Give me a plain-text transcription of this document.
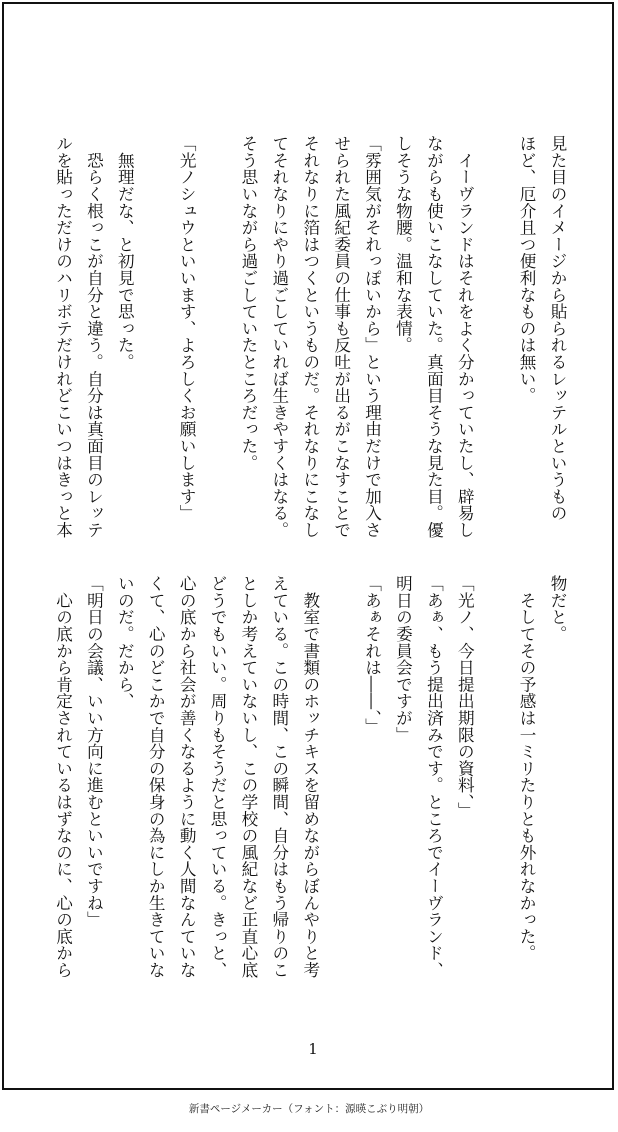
見た目のイメージから貼られるレッテルというもの
ほど、厄介且つ便利なものは無い。

　イーヴランドはそれをよく分かっていたし、辟易し
ながらも使いこなしていた。真面目そうな見た目。優
しそうな物腰。温和な表情。
「雰囲気がそれっぽいから」という理由だけで加入さ
せられた風紀委員の仕事も反吐が出るがこなすことで
それなりに箔はつくというものだ。それなりにこなし
てそれなりにやり過ごしていれば生きやすくはなる。
そう思いながら過ごしていたところだった。

「光ノシュウといいます、よろしくお願いします」

　無理だな、と初見で思った。
　恐らく根っこが自分と違う。自分は真面目のレッテ
ルを貼っただけのハリボテだけれどこいつはきっと本
物だと。
　そしてその予感は一ミリたりとも外れなかった。

「光ノ、今日提出期限の資料、」
「あぁ、もう提出済みです。ところでイーヴランド、
明日の委員会ですが」
「あぁそれは――、」

　教室で書類のホッチキスを留めながらぼんやりと考
えている。この時間、この瞬間、自分はもう帰りのこ
としか考えていないし、この学校の風紀など正直心底
どうでもいい。周りもそうだと思っている。きっと、
心の底から社会が善くなるように動く人間なんていな
くて、心のどこかで自分の保身の為にしか生きていな
いのだ。だから、
「明日の会議、いい方向に進むといいですね」
　心の底から肯定されているはずなのに、心の底から
1
新書ページメーカー（フォント：源暎こぶり明朝）
